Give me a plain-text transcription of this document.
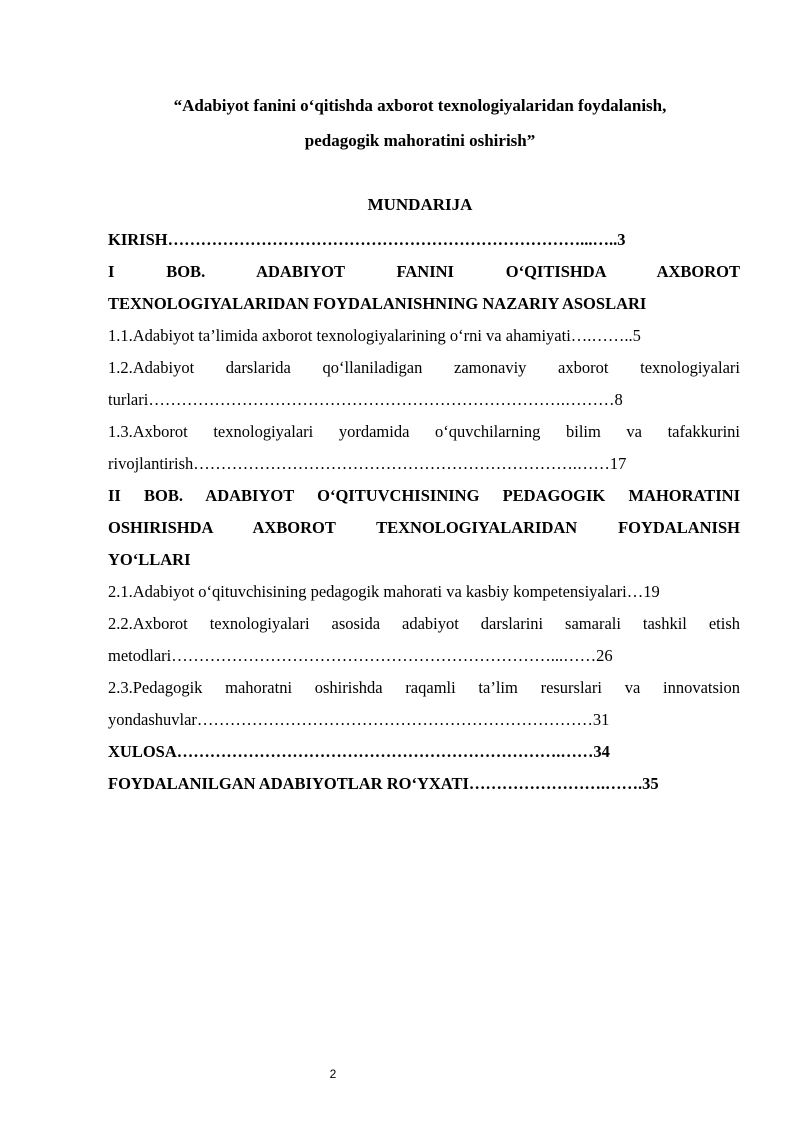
“Adabiyot fanini o‘qitishda axborot texnologiyalaridan foydalanish,
pedagogik mahoratini oshirish”
MUNDARIJA
KIRISH…………………………………………………………………...…..3
I BOB. ADABIYOT FANINI O‘QITISHDA AXBOROT
TEXNOLOGIYALARIDAN FOYDALANISHNING NAZARIY ASOSLARI
1.1.Adabiyot ta’limida axborot texnologiyalarining o‘rni va ahamiyati….……..5
1.2.Adabiyot darslarida qo‘llaniladigan zamonaviy axborot texnologiyalari
turlari………………………………………………………………….………8
1.3.Axborot texnologiyalari yordamida o‘quvchilarning bilim va tafakkurini
rivojlantirish…………………………………………………………….……17
II BOB. ADABIYOT O‘QITUVCHISINING PEDAGOGIK MAHORATINI
OSHIRISHDA AXBOROT TEXNOLOGIYALARIDAN FOYDALANISH
YO‘LLARI
2.1.Adabiyot o‘qituvchisining pedagogik mahorati va kasbiy kompetensiyalari…19
2.2.Axborot texnologiyalari asosida adabiyot darslarini samarali tashkil etish
metodlari……………………………………………………………...……26
2.3.Pedagogik mahoratni oshirishda raqamli ta’lim resurslari va innovatsion
yondashuvlar………………………………………………………………31
XULOSA…………………………………………………………….……34
FOYDALANILGAN ADABIYOTLAR RO‘YXATI…………………….…….35
2
